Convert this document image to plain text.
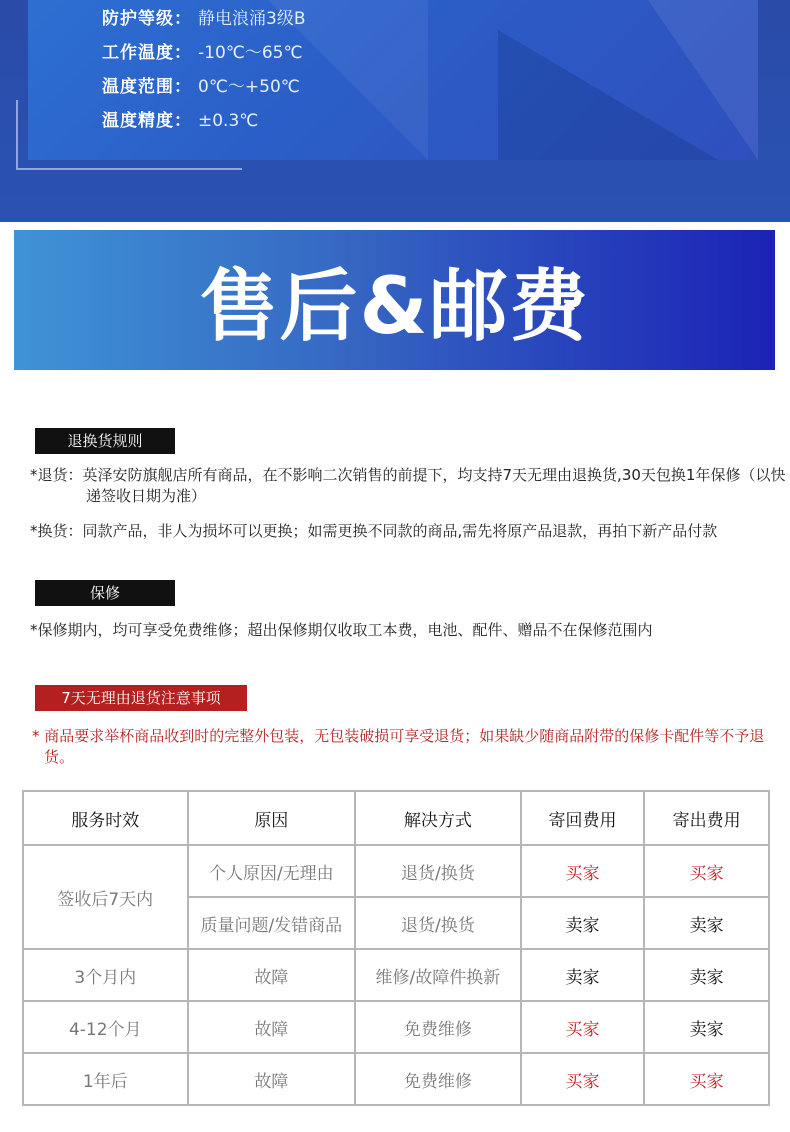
防护等级： 静电浪涌3级B
工作温度： -10℃～65℃
温度范围： 0℃～+50℃
温度精度： ±0.3℃
售后&邮费
退换货规则
*退货：英泽安防旗舰店所有商品，在不影响二次销售的前提下，均支持7天无理由退换货,30天包换1年保修（以快递签收日期为准）
*换货：同款产品，非人为损坏可以更换；如需更换不同款的商品,需先将原产品退款，再拍下新产品付款
保修
*保修期内，均可享受免费维修；超出保修期仅收取工本费，电池、配件、赠品不在保修范围内
7天无理由退货注意事项
* 商品要求举杯商品收到时的完整外包装，无包装破损可享受退货；如果缺少随商品附带的保修卡配件等不予退货。
服务时效	原因	解决方式	寄回费用	寄出费用
签收后7天内	个人原因/无理由	退货/换货	买家	买家
	质量问题/发错商品	退货/换货	卖家	卖家
3个月内	故障	维修/故障件换新	卖家	卖家
4-12个月	故障	免费维修	买家	卖家
1年后	故障	免费维修	买家	买家
